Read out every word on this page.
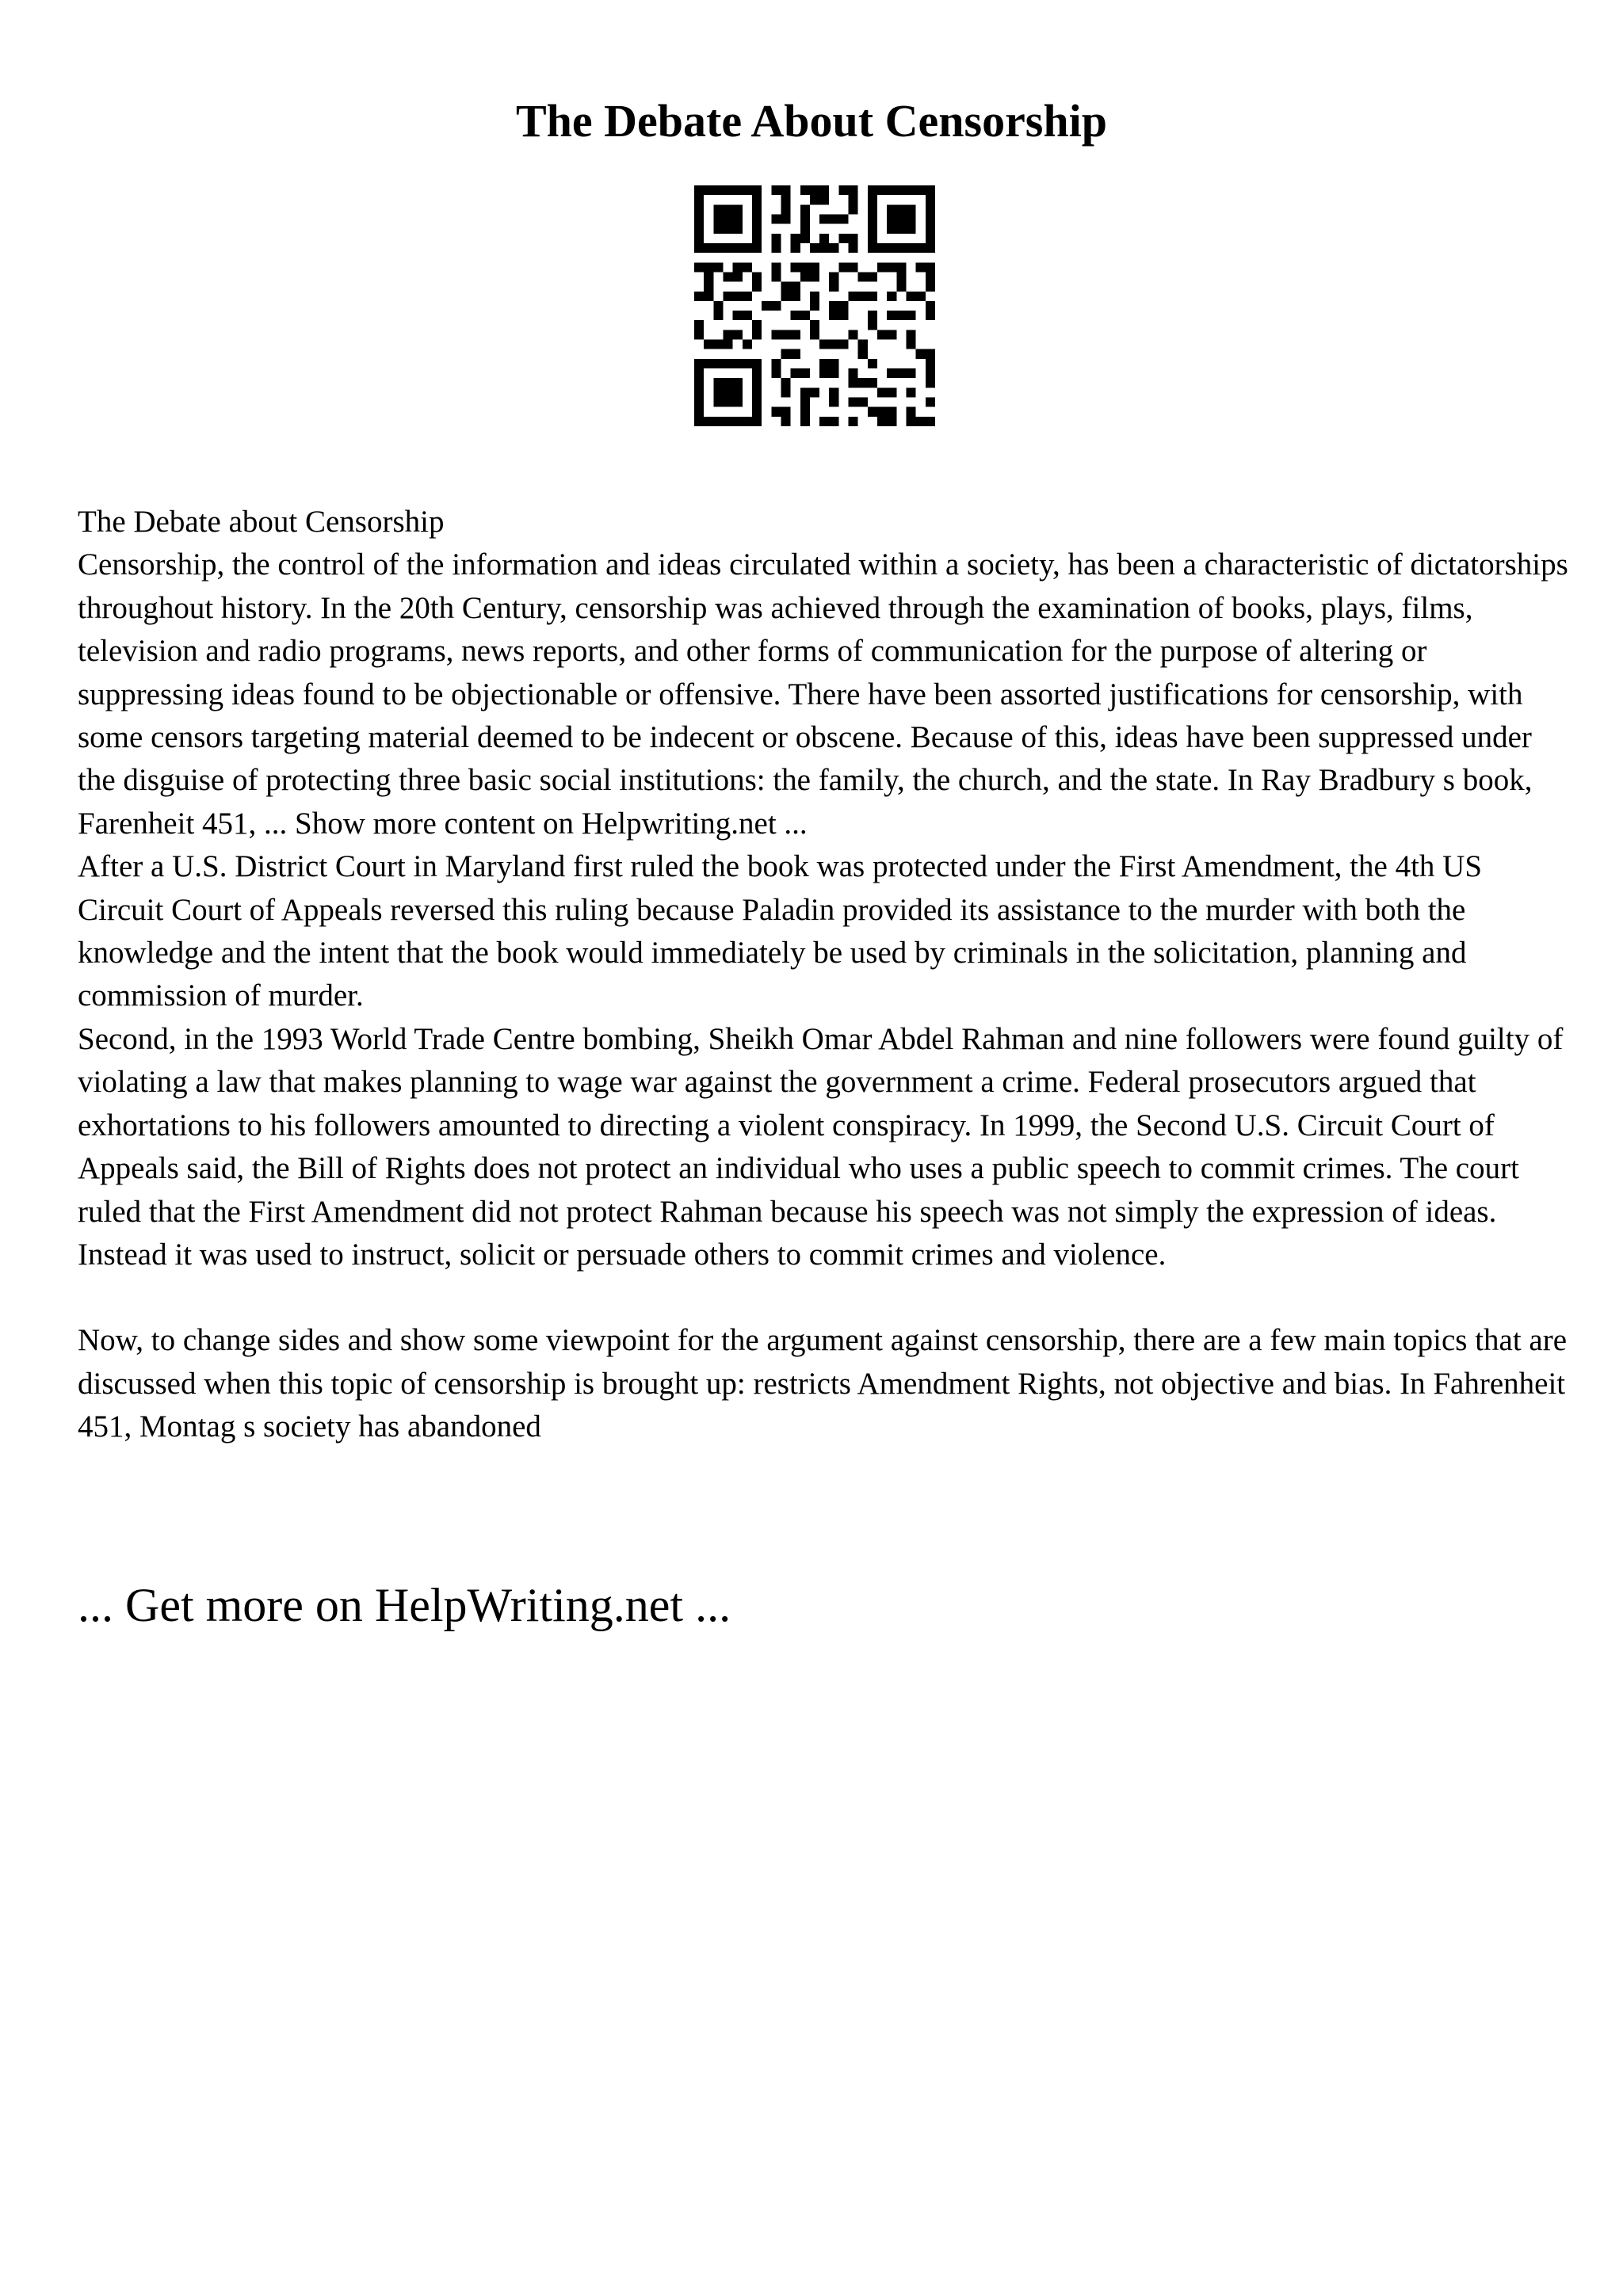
The Debate About Censorship

The Debate about Censorship

Censorship, the control of the information and ideas circulated within a society, has been a characteristic of dictatorships throughout history. In the 20th Century, censorship was achieved through the examination of books, plays, films, television and radio programs, news reports, and other forms of communication for the purpose of altering or suppressing ideas found to be objectionable or offensive. There have been assorted justifications for censorship, with some censors targeting material deemed to be indecent or obscene. Because of this, ideas have been suppressed under the disguise of protecting three basic social institutions: the family, the church, and the state. In Ray Bradbury s book, Farenheit 451, ... Show more content on Helpwriting.net ...

After a U.S. District Court in Maryland first ruled the book was protected under the First Amendment, the 4th US Circuit Court of Appeals reversed this ruling because Paladin provided its assistance to the murder with both the knowledge and the intent that the book would immediately be used by criminals in the solicitation, planning and commission of murder.

Second, in the 1993 World Trade Centre bombing, Sheikh Omar Abdel Rahman and nine followers were found guilty of violating a law that makes planning to wage war against the government a crime. Federal prosecutors argued that exhortations to his followers amounted to directing a violent conspiracy. In 1999, the Second U.S. Circuit Court of Appeals said, the Bill of Rights does not protect an individual who uses a public speech to commit crimes. The court ruled that the First Amendment did not protect Rahman because his speech was not simply the expression of ideas. Instead it was used to instruct, solicit or persuade others to commit crimes and violence.

Now, to change sides and show some viewpoint for the argument against censorship, there are a few main topics that are discussed when this topic of censorship is brought up: restricts Amendment Rights, not objective and bias. In Fahrenheit 451, Montag s society has abandoned

... Get more on HelpWriting.net ...
